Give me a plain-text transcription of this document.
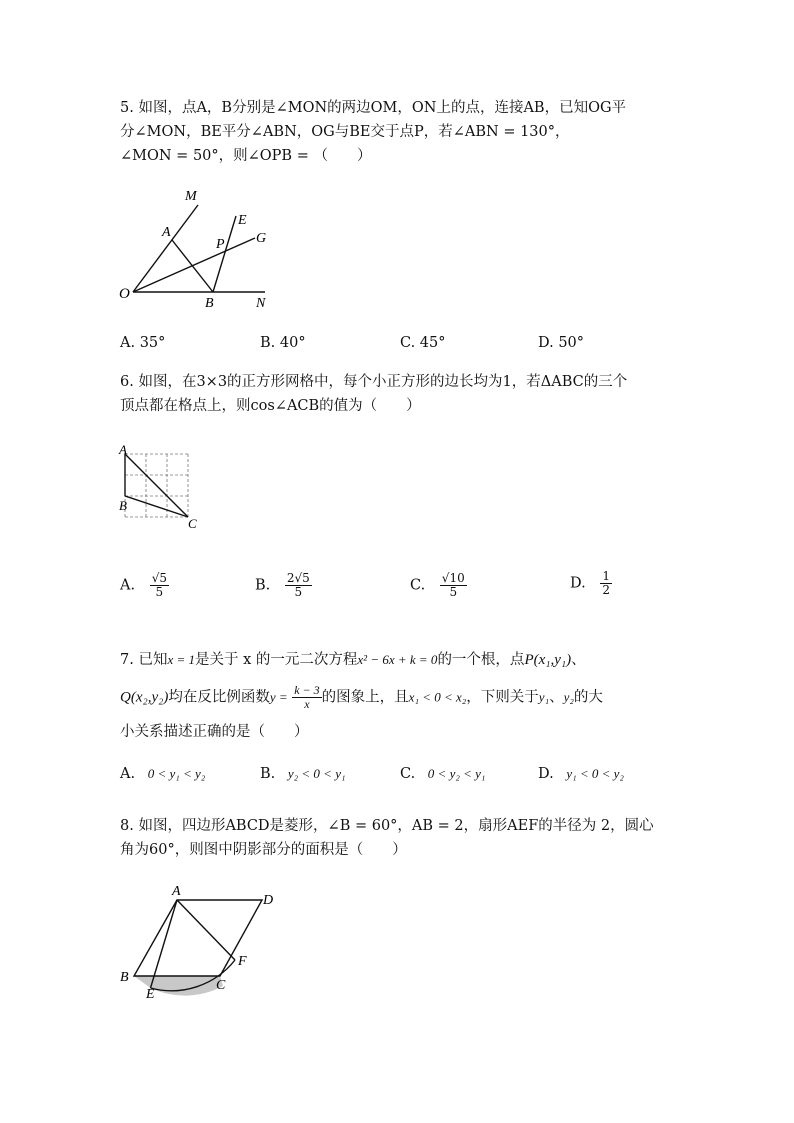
5. 如图，点A，B分别是∠MON的两边OM，ON上的点，连接AB，已知OG平
分∠MON，BE平分∠ABN，OG与BE交于点P，若∠ABN = 130°，
∠MON = 50°，则∠OPB = （　　）
M
A
E
P G
O
B	N
A. 35°	B. 40°	C. 45°	D. 50°
6. 如图，在3×3的正方形网格中，每个小正方形的边长均为1，若ΔABC的三个
顶点都在格点上，则cos∠ACB的值为（　　）
A
B
C
A. $\frac{√5}{5}$	B. $\frac{2√5}{5}$	C. $\frac{√10}{5}$	D. $\frac{1}{2}$
7. 已知x = 1是关于 x 的一元二次方程x² − 6x + k = 0的一个根，点P(x₁,y₁)、
Q(x₂,y₂)均在反比例函数$y = \frac{k - 3}{x}$ 的图象上，且x₁ < 0 < x₂，下则关于y₁、y₂的大
小关系描述正确的是（　　）
A. 0 < y₁ < y₂	B. y₂ < 0 < y₁	C. 0 < y₂ < y₁	D. y₁ < 0 < y₂
8. 如图，四边形ABCD是菱形，∠B = 60°，AB = 2，扇形AEF的半径为 2，圆心
角为60°，则图中阴影部分的面积是（　　）
A
D
B
E
C
F
